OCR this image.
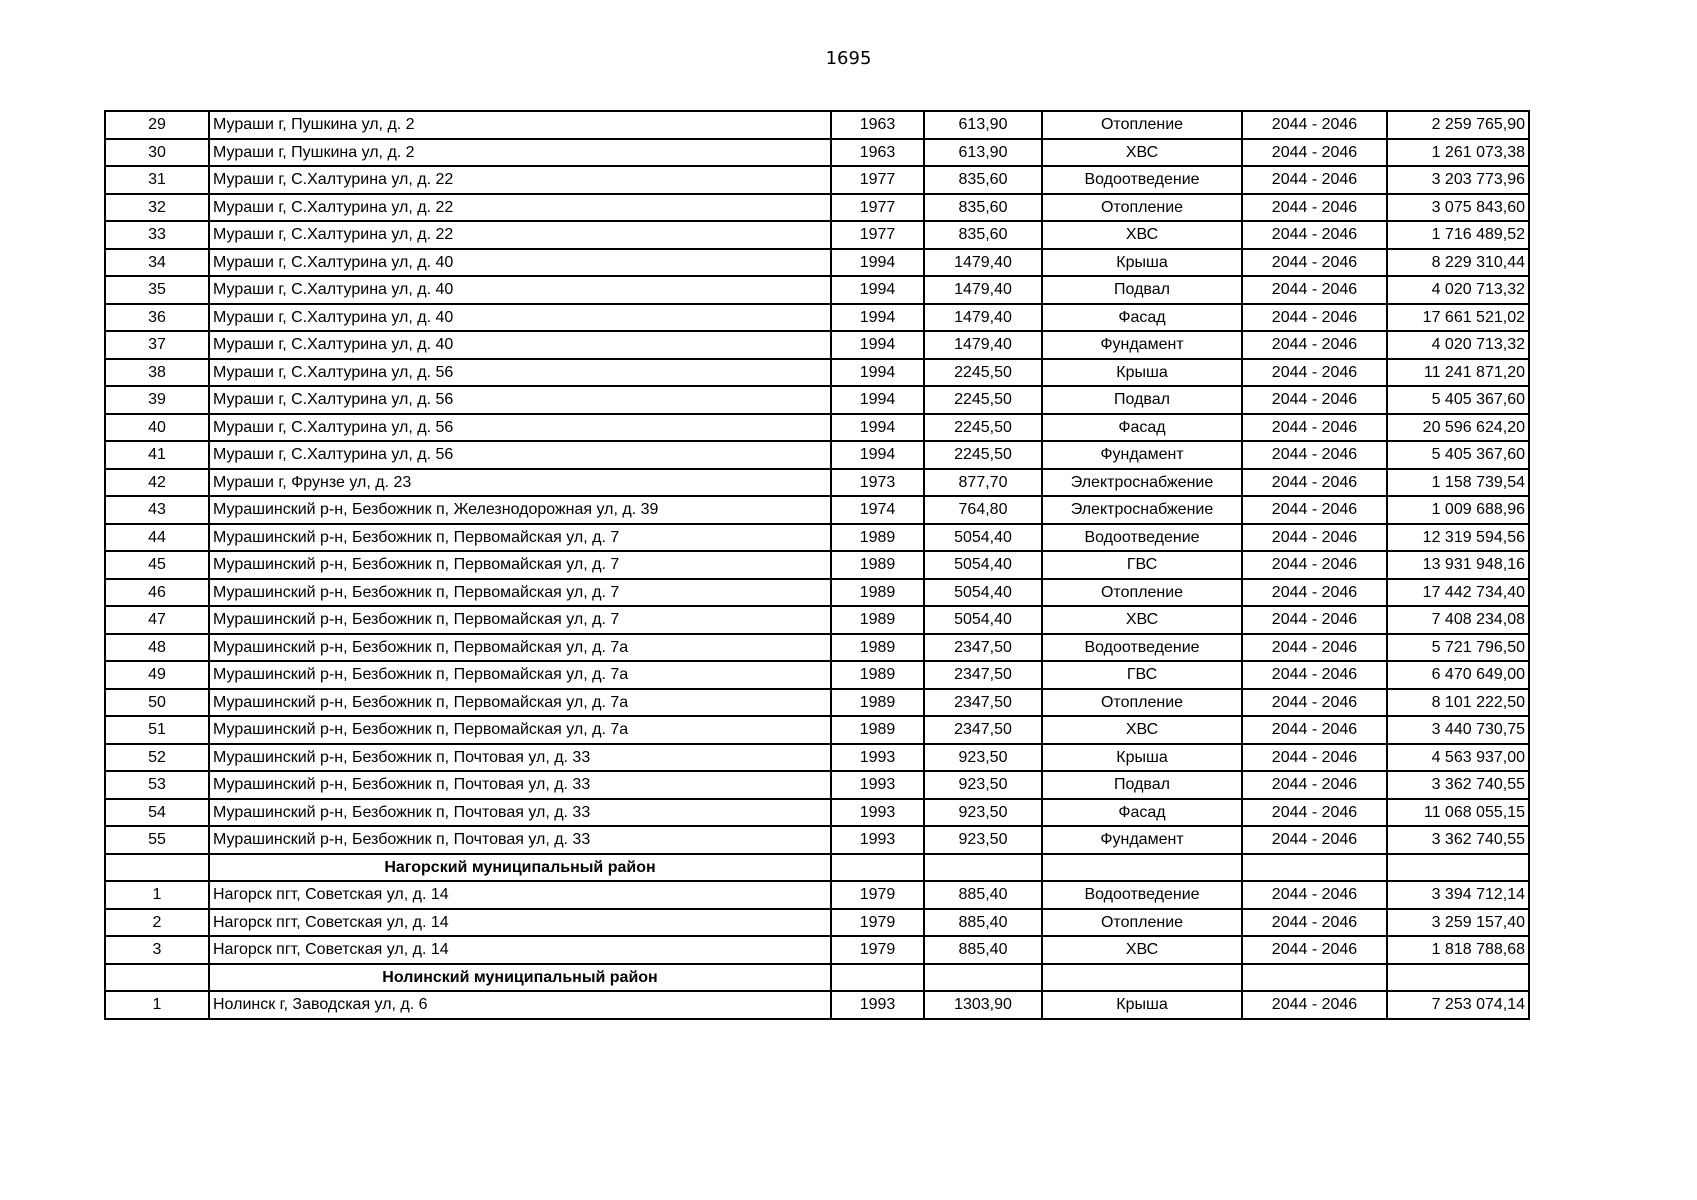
1695
29	Мураши г, Пушкина ул, д. 2	1963	613,90	Отопление	2044 - 2046	2 259 765,90
30	Мураши г, Пушкина ул, д. 2	1963	613,90	ХВС	2044 - 2046	1 261 073,38
31	Мураши г, С.Халтурина ул, д. 22	1977	835,60	Водоотведение	2044 - 2046	3 203 773,96
32	Мураши г, С.Халтурина ул, д. 22	1977	835,60	Отопление	2044 - 2046	3 075 843,60
33	Мураши г, С.Халтурина ул, д. 22	1977	835,60	ХВС	2044 - 2046	1 716 489,52
34	Мураши г, С.Халтурина ул, д. 40	1994	1479,40	Крыша	2044 - 2046	8 229 310,44
35	Мураши г, С.Халтурина ул, д. 40	1994	1479,40	Подвал	2044 - 2046	4 020 713,32
36	Мураши г, С.Халтурина ул, д. 40	1994	1479,40	Фасад	2044 - 2046	17 661 521,02
37	Мураши г, С.Халтурина ул, д. 40	1994	1479,40	Фундамент	2044 - 2046	4 020 713,32
38	Мураши г, С.Халтурина ул, д. 56	1994	2245,50	Крыша	2044 - 2046	11 241 871,20
39	Мураши г, С.Халтурина ул, д. 56	1994	2245,50	Подвал	2044 - 2046	5 405 367,60
40	Мураши г, С.Халтурина ул, д. 56	1994	2245,50	Фасад	2044 - 2046	20 596 624,20
41	Мураши г, С.Халтурина ул, д. 56	1994	2245,50	Фундамент	2044 - 2046	5 405 367,60
42	Мураши г, Фрунзе ул, д. 23	1973	877,70	Электроснабжение	2044 - 2046	1 158 739,54
43	Мурашинский р-н, Безбожник п, Железнодорожная ул, д. 39	1974	764,80	Электроснабжение	2044 - 2046	1 009 688,96
44	Мурашинский р-н, Безбожник п, Первомайская ул, д. 7	1989	5054,40	Водоотведение	2044 - 2046	12 319 594,56
45	Мурашинский р-н, Безбожник п, Первомайская ул, д. 7	1989	5054,40	ГВС	2044 - 2046	13 931 948,16
46	Мурашинский р-н, Безбожник п, Первомайская ул, д. 7	1989	5054,40	Отопление	2044 - 2046	17 442 734,40
47	Мурашинский р-н, Безбожник п, Первомайская ул, д. 7	1989	5054,40	ХВС	2044 - 2046	7 408 234,08
48	Мурашинский р-н, Безбожник п, Первомайская ул, д. 7а	1989	2347,50	Водоотведение	2044 - 2046	5 721 796,50
49	Мурашинский р-н, Безбожник п, Первомайская ул, д. 7а	1989	2347,50	ГВС	2044 - 2046	6 470 649,00
50	Мурашинский р-н, Безбожник п, Первомайская ул, д. 7а	1989	2347,50	Отопление	2044 - 2046	8 101 222,50
51	Мурашинский р-н, Безбожник п, Первомайская ул, д. 7а	1989	2347,50	ХВС	2044 - 2046	3 440 730,75
52	Мурашинский р-н, Безбожник п, Почтовая ул, д. 33	1993	923,50	Крыша	2044 - 2046	4 563 937,00
53	Мурашинский р-н, Безбожник п, Почтовая ул, д. 33	1993	923,50	Подвал	2044 - 2046	3 362 740,55
54	Мурашинский р-н, Безбожник п, Почтовая ул, д. 33	1993	923,50	Фасад	2044 - 2046	11 068 055,15
55	Мурашинский р-н, Безбожник п, Почтовая ул, д. 33	1993	923,50	Фундамент	2044 - 2046	3 362 740,55
	Нагорский муниципальный район					
1	Нагорск пгт, Советская ул, д. 14	1979	885,40	Водоотведение	2044 - 2046	3 394 712,14
2	Нагорск пгт, Советская ул, д. 14	1979	885,40	Отопление	2044 - 2046	3 259 157,40
3	Нагорск пгт, Советская ул, д. 14	1979	885,40	ХВС	2044 - 2046	1 818 788,68
	Нолинский муниципальный район					
1	Нолинск г, Заводская ул, д. 6	1993	1303,90	Крыша	2044 - 2046	7 253 074,14
